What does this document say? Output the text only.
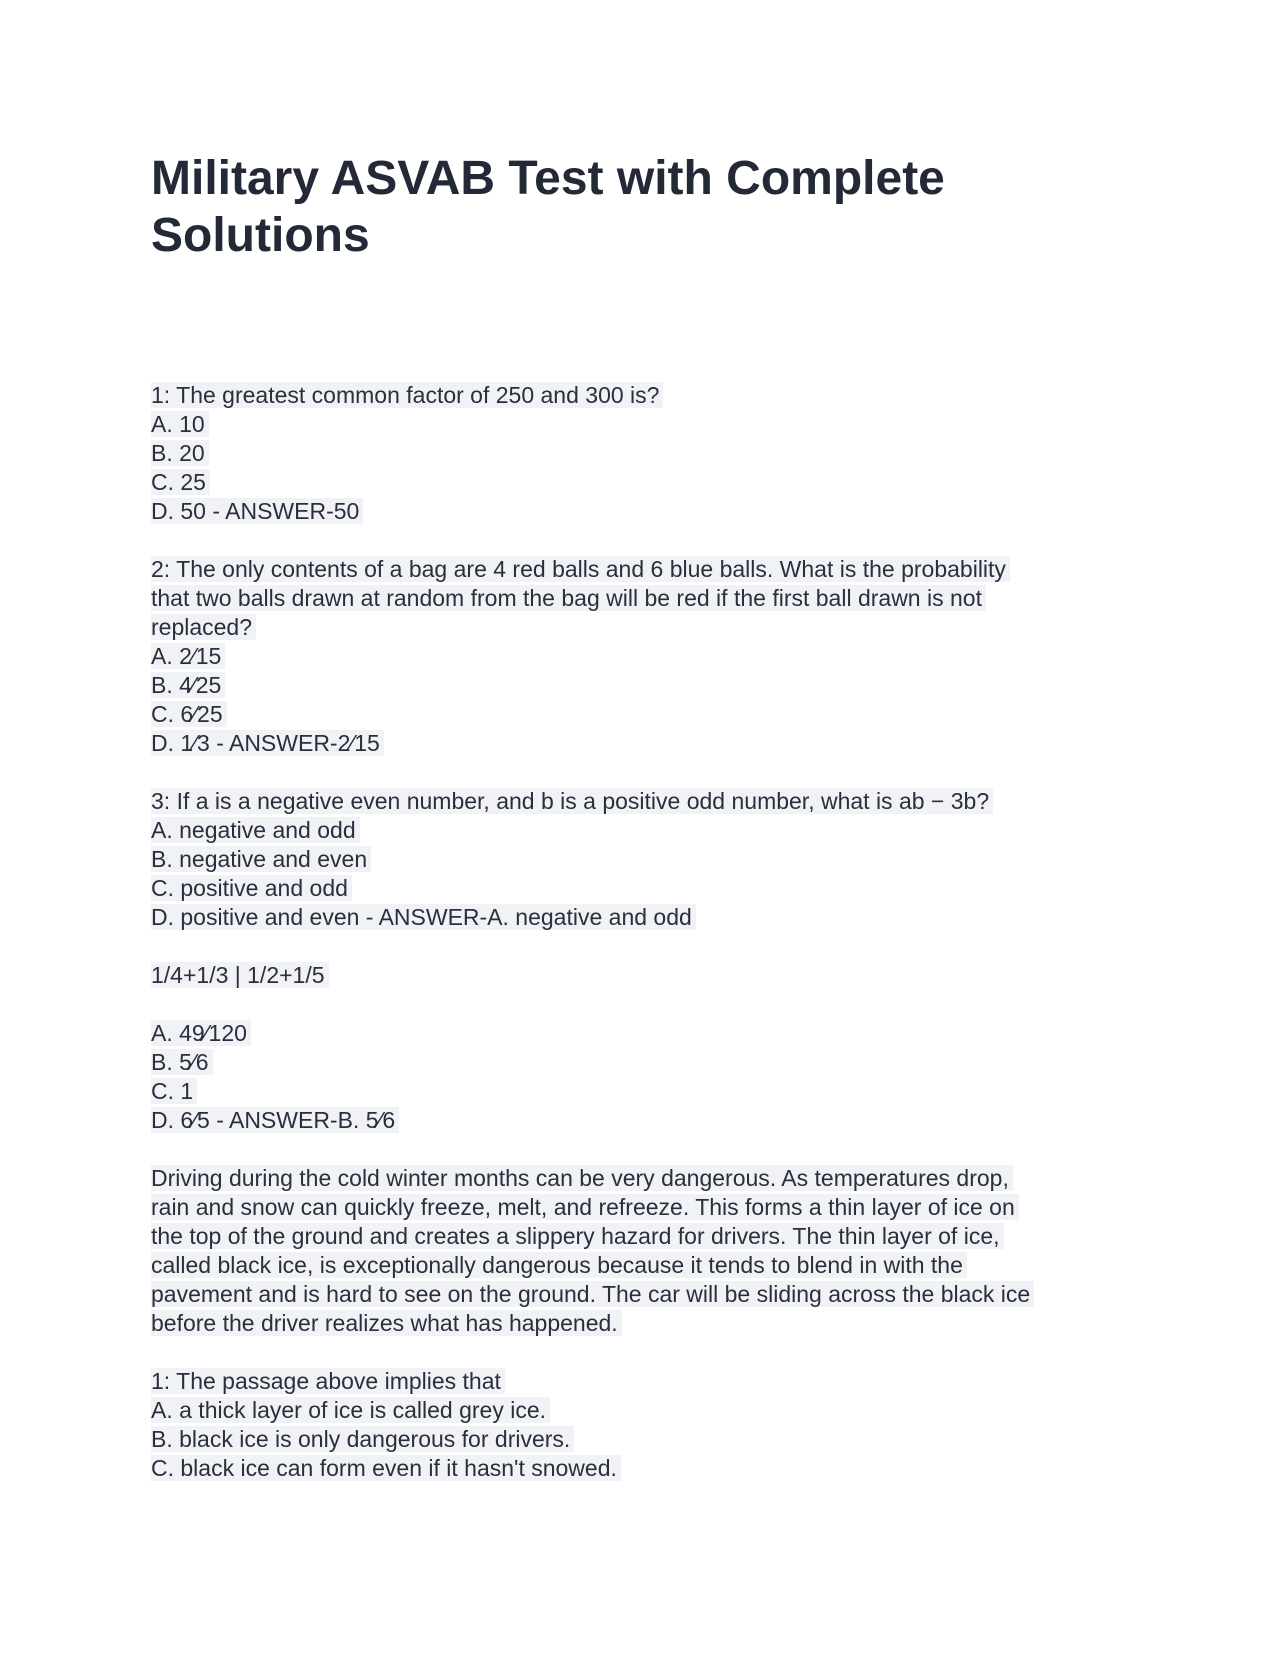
Military ASVAB Test with Complete
Solutions
1: The greatest common factor of 250 and 300 is?
A. 10
B. 20
C. 25
D. 50 - ANSWER-50
2: The only contents of a bag are 4 red balls and 6 blue balls. What is the probability
that two balls drawn at random from the bag will be red if the first ball drawn is not
replaced?
A. 2⁄15
B. 4⁄25
C. 6⁄25
D. 1⁄3 - ANSWER-2⁄15
3: If a is a negative even number, and b is a positive odd number, what is ab − 3b?
A. negative and odd
B. negative and even
C. positive and odd
D. positive and even - ANSWER-A. negative and odd
1/4+1/3 | 1/2+1/5
A. 49⁄120
B. 5⁄6
C. 1
D. 6⁄5 - ANSWER-B. 5⁄6
Driving during the cold winter months can be very dangerous. As temperatures drop,
rain and snow can quickly freeze, melt, and refreeze. This forms a thin layer of ice on
the top of the ground and creates a slippery hazard for drivers. The thin layer of ice,
called black ice, is exceptionally dangerous because it tends to blend in with the
pavement and is hard to see on the ground. The car will be sliding across the black ice
before the driver realizes what has happened.
1: The passage above implies that
A. a thick layer of ice is called grey ice.
B. black ice is only dangerous for drivers.
C. black ice can form even if it hasn't snowed.
